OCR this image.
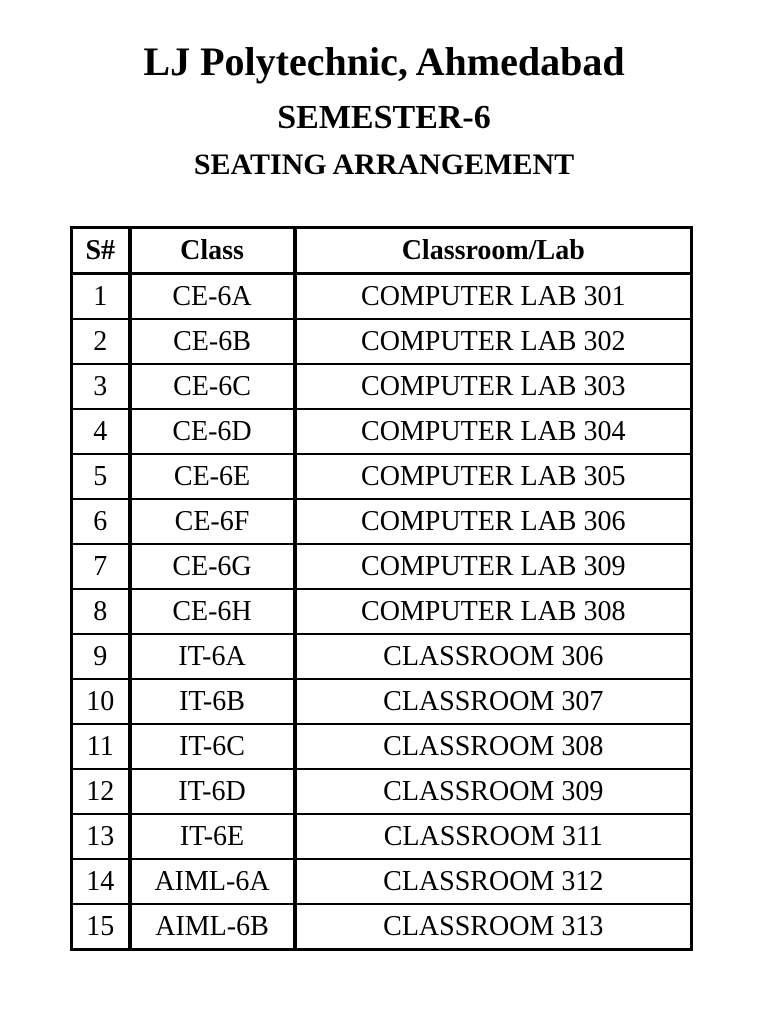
LJ Polytechnic, Ahmedabad
SEMESTER-6
SEATING ARRANGEMENT
S#	Class	Classroom/Lab
1	CE-6A	COMPUTER LAB 301
2	CE-6B	COMPUTER LAB 302
3	CE-6C	COMPUTER LAB 303
4	CE-6D	COMPUTER LAB 304
5	CE-6E	COMPUTER LAB 305
6	CE-6F	COMPUTER LAB 306
7	CE-6G	COMPUTER LAB 309
8	CE-6H	COMPUTER LAB 308
9	IT-6A	CLASSROOM 306
10	IT-6B	CLASSROOM 307
11	IT-6C	CLASSROOM 308
12	IT-6D	CLASSROOM 309
13	IT-6E	CLASSROOM 311
14	AIML-6A	CLASSROOM 312
15	AIML-6B	CLASSROOM 313
